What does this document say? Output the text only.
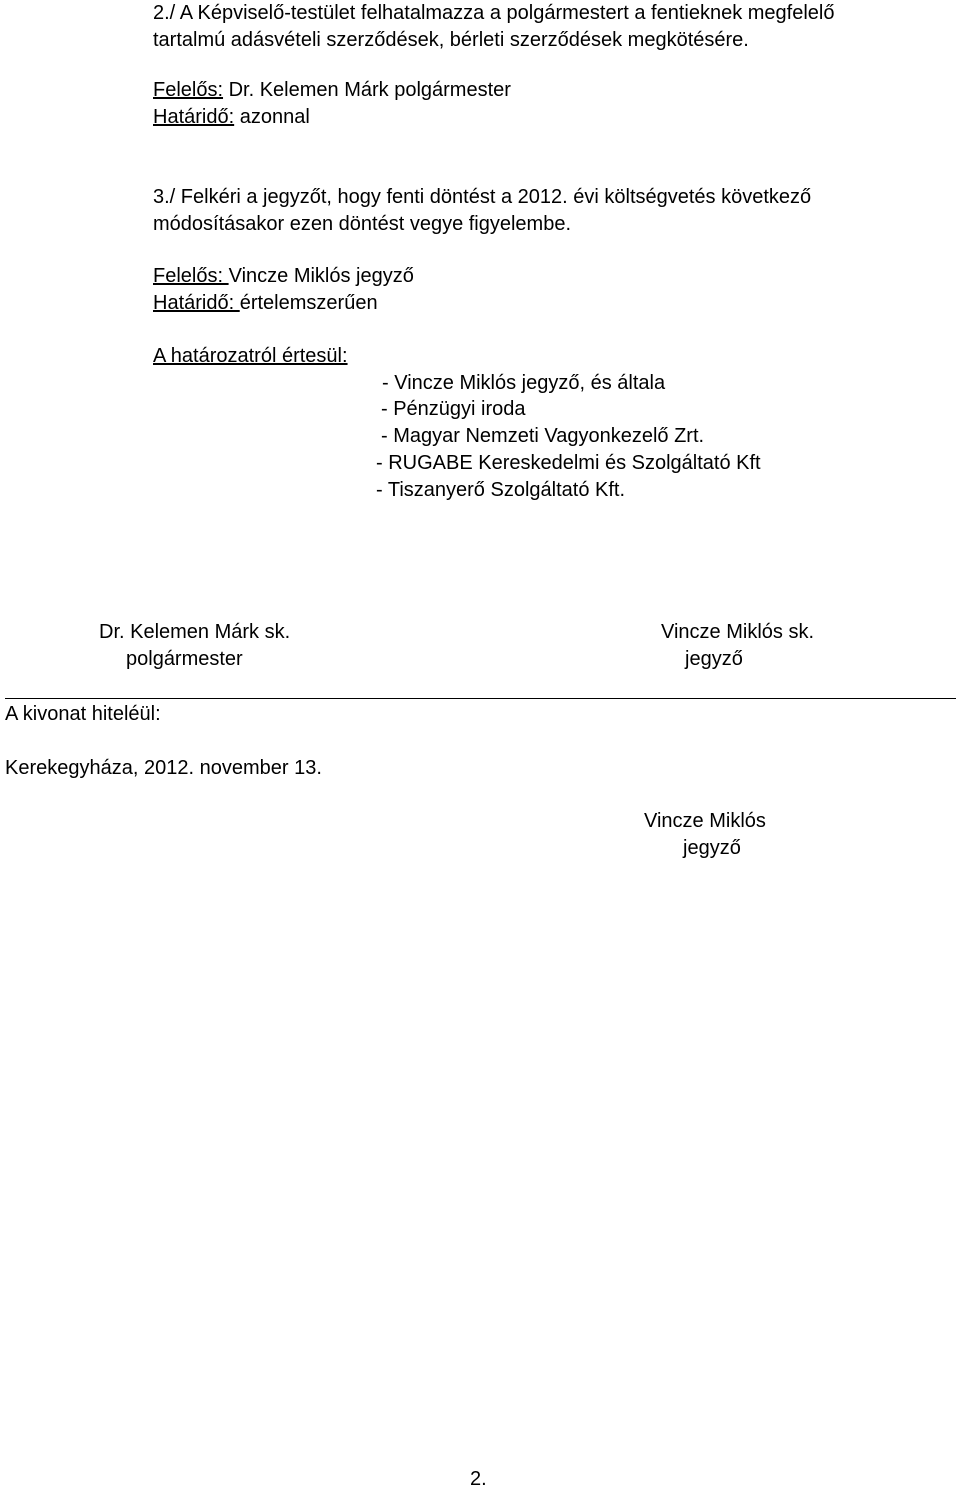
2./ A Képviselő-testület felhatalmazza a polgármestert a fentieknek megfelelő
tartalmú adásvételi szerződések, bérleti szerződések megkötésére.
Felelős: Dr. Kelemen Márk polgármester
Határidő: azonnal
3./ Felkéri a jegyzőt, hogy fenti döntést a 2012. évi költségvetés következő
módosításakor ezen döntést vegye figyelembe.
Felelős: Vincze Miklós jegyző
Határidő: értelemszerűen
A határozatról értesül:
- Vincze Miklós jegyző, és általa
- Pénzügyi iroda
- Magyar Nemzeti Vagyonkezelő Zrt.
- RUGABE Kereskedelmi és Szolgáltató Kft
- Tiszanyerő Szolgáltató Kft.
Dr. Kelemen Márk sk.
polgármester
Vincze Miklós sk.
jegyző
A kivonat hiteléül:
Kerekegyháza, 2012. november 13.
Vincze Miklós
jegyző
2.
